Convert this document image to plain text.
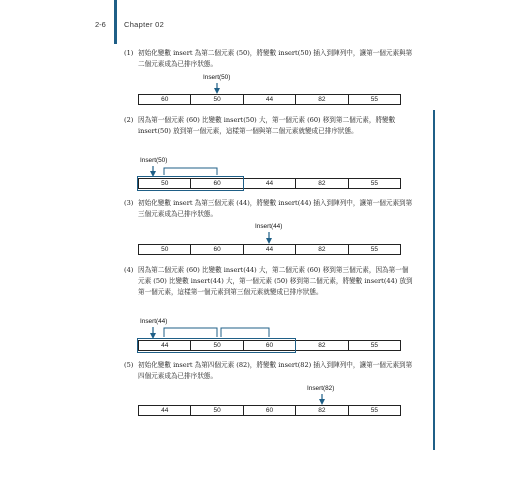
2-6 Chapter 02
(1) 初始化變數 insert 為第二個元素 (50)，將變數 insert(50) 插入到陣列中，讓第一個元素與第二個元素成為已排序狀態。
Insert(50)
60	50	44	82	55
(2) 因為第一個元素 (60) 比變數 insert(50) 大，第一個元素 (60) 移到第二個元素，將變數 insert(50) 放到第一個元素，這樣第一個與第二個元素就變成已排序狀態。
Insert(50)
50	60	44	82	55
(3) 初始化變數 insert 為第三個元素 (44)，將變數 insert(44) 插入到陣列中，讓第一個元素到第三個元素成為已排序狀態。
Insert(44)
50	60	44	82	55
(4) 因為第二個元素 (60) 比變數 insert(44) 大，第二個元素 (60) 移到第三個元素，因為第一個元素 (50) 比變數 insert(44) 大，第一個元素 (50) 移到第二個元素，將變數 insert(44) 放到第一個元素，這樣第一個元素到第三個元素就變成已排序狀態。
Insert(44)
44	50	60	82	55
(5) 初始化變數 insert 為第四個元素 (82)，將變數 insert(82) 插入到陣列中，讓第一個元素到第四個元素成為已排序狀態。
Insert(82)
44	50	60	82	55
